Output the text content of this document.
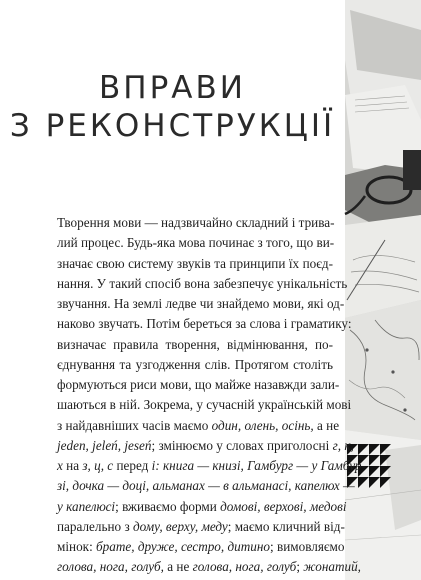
ВПРАВИ
З РЕКОНСТРУКЦІЇ
Творення мови — надзвичайно складний і трива-
лий процес. Будь-яка мова починає з того, що ви-
значає свою систему звуків та принципи їх поєд-
нання. У такий спосіб вона забезпечує унікальність
звучання. На землі ледве чи знайдемо мови, які од-
наково звучать. Потім береться за слова і граматику:
визначає правила творення, відмінювання, по-
єднування та узгодження слів. Протягом століть
формуються риси мови, що майже назавжди зали-
шаються в ній. Зокрема, у сучасній українській мові
з найдавніших часів маємо один, олень, осінь, а не
jeden, jeleń, jeseń; змінюємо у словах приголосні г, к,
х на з, ц, с перед і: книга — книзі, Гамбург — у Гамбур-
зі, дочка — доці, альманах — в альманасі, капелюх —
у капелюсі; вживаємо форми домові, верхові, медові
паралельно з дому, верху, меду; маємо кличний від-
мінок: брате, друже, сестро, дитино; вимовляємо
голова, нога, голуб, а не голова, нога, голуб; жонатий,
